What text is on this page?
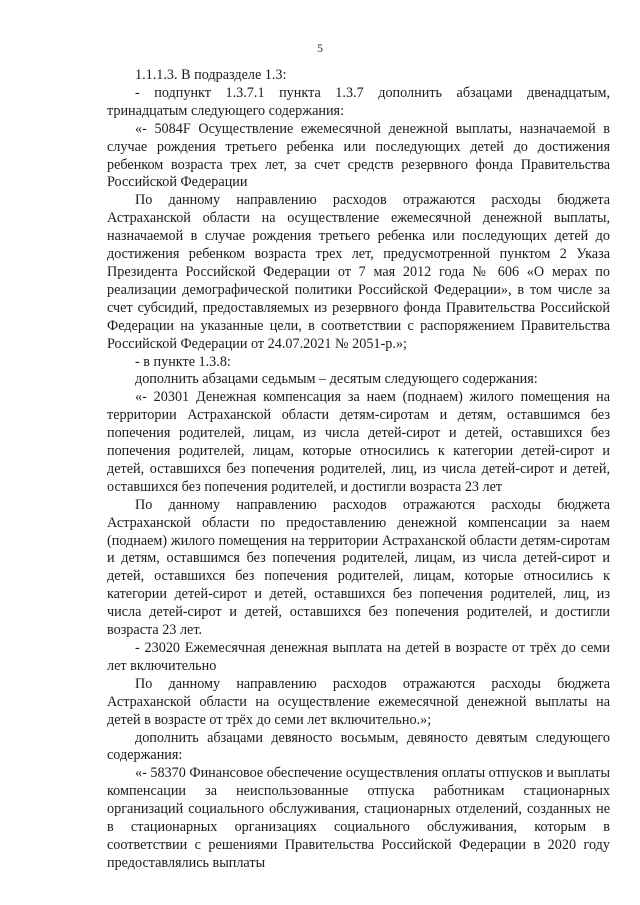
5

1.1.1.3. В подразделе 1.3:

- подпункт 1.3.7.1 пункта 1.3.7 дополнить абзацами двенадцатым, тринадцатым следующего содержания:

«- 5084F Осуществление ежемесячной денежной выплаты, назначаемой в случае рождения третьего ребенка или последующих детей до достижения ребенком возраста трех лет, за счет средств резервного фонда Правительства Российской Федерации

По данному направлению расходов отражаются расходы бюджета Астраханской области на осуществление ежемесячной денежной выплаты, назначаемой в случае рождения третьего ребенка или последующих детей до достижения ребенком возраста трех лет, предусмотренной пунктом 2 Указа Президента Российской Федерации от 7 мая 2012 года № 606 «О мерах по реализации демографической политики Российской Федерации», в том числе за счет субсидий, предоставляемых из резервного фонда Правительства Российской Федерации на указанные цели, в соответствии с распоряжением Правительства Российской Федерации от 24.07.2021 № 2051-р.»;

- в пункте 1.3.8:

дополнить абзацами седьмым – десятым следующего содержания:

«- 20301 Денежная компенсация за наем (поднаем) жилого помещения на территории Астраханской области детям-сиротам и детям, оставшимся без попечения родителей, лицам, из числа детей-сирот и детей, оставшихся без попечения родителей, лицам, которые относились к категории детей-сирот и детей, оставшихся без попечения родителей, лиц, из числа детей-сирот и детей, оставшихся без попечения родителей, и достигли возраста 23 лет

По данному направлению расходов отражаются расходы бюджета Астраханской области по предоставлению денежной компенсации за наем (поднаем) жилого помещения на территории Астраханской области детям-сиротам и детям, оставшимся без попечения родителей, лицам, из числа детей-сирот и детей, оставшихся без попечения родителей, лицам, которые относились к категории детей-сирот и детей, оставшихся без попечения родителей, лиц, из числа детей-сирот и детей, оставшихся без попечения родителей, и достигли возраста 23 лет.

- 23020 Ежемесячная денежная выплата на детей в возрасте от трёх до семи лет включительно

По данному направлению расходов отражаются расходы бюджета Астраханской области на осуществление ежемесячной денежной выплаты на детей в возрасте от трёх до семи лет включительно.»;

дополнить абзацами девяносто восьмым, девяносто девятым следующего содержания:

«- 58370 Финансовое обеспечение осуществления оплаты отпусков и выплаты компенсации за неиспользованные отпуска работникам стационарных организаций социального обслуживания, стационарных отделений, созданных не в стационарных организациях социального обслуживания, которым в соответствии с решениями Правительства Российской Федерации в 2020 году предоставлялись выплаты
